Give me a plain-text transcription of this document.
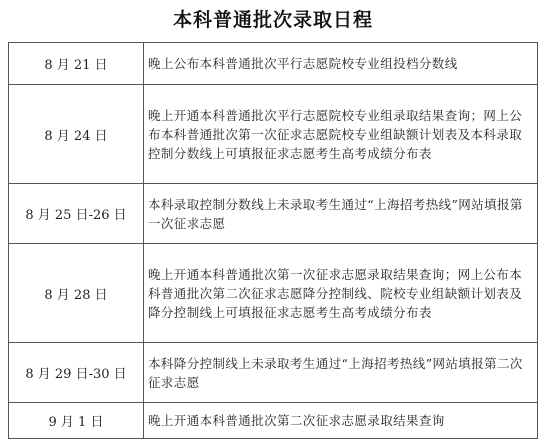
本科普通批次录取日程
8 月 21 日	晚上公布本科普通批次平行志愿院校专业组投档分数线

8 月 24 日	晚上开通本科普通批次平行志愿院校专业组录取结果查询；网上公布本科普通批次第一次征求志愿院校专业组缺额计划表及本科录取控制分数线上可填报征求志愿考生高考成绩分布表

8 月 25 日-26 日	本科录取控制分数线上未录取考生通过“上海招考热线”网站填报第一次征求志愿

8 月 28 日	晚上开通本科普通批次第一次征求志愿录取结果查询；网上公布本科普通批次第二次征求志愿降分控制线、院校专业组缺额计划表及降分控制线上可填报征求志愿考生高考成绩分布表

8 月 29 日-30 日	本科降分控制线上未录取考生通过“上海招考热线”网站填报第二次征求志愿

9 月 1 日	晚上开通本科普通批次第二次征求志愿录取结果查询
